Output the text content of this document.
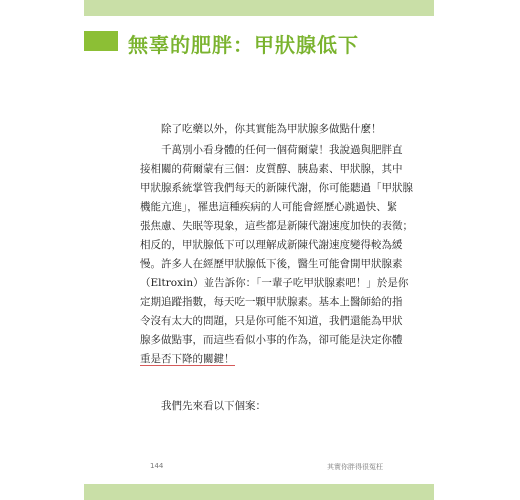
無辜的肥胖：甲狀腺低下

除了吃藥以外，你其實能為甲狀腺多做點什麼！

千萬別小看身體的任何一個荷爾蒙！我說過與肥胖直
接相關的荷爾蒙有三個：皮質醇、胰島素、甲狀腺，其中
甲狀腺系統掌管我們每天的新陳代謝，你可能聽過「甲狀腺
機能亢進」，罹患這種疾病的人可能會經歷心跳過快、緊
張焦慮、失眠等現象，這些都是新陳代謝速度加快的表徵；
相反的，甲狀腺低下可以理解成新陳代謝速度變得較為緩
慢。許多人在經歷甲狀腺低下後，醫生可能會開甲狀腺素
（Eltroxin）並告訴你：「一輩子吃甲狀腺素吧！」於是你
定期追蹤指數，每天吃一顆甲狀腺素。基本上醫師給的指
令沒有太大的問題，只是你可能不知道，我們還能為甲狀
腺多做點事，而這些看似小事的作為，卻可能是決定你體
重是否下降的關鍵！

我們先來看以下個案：

144	其實你胖得很冤枉
